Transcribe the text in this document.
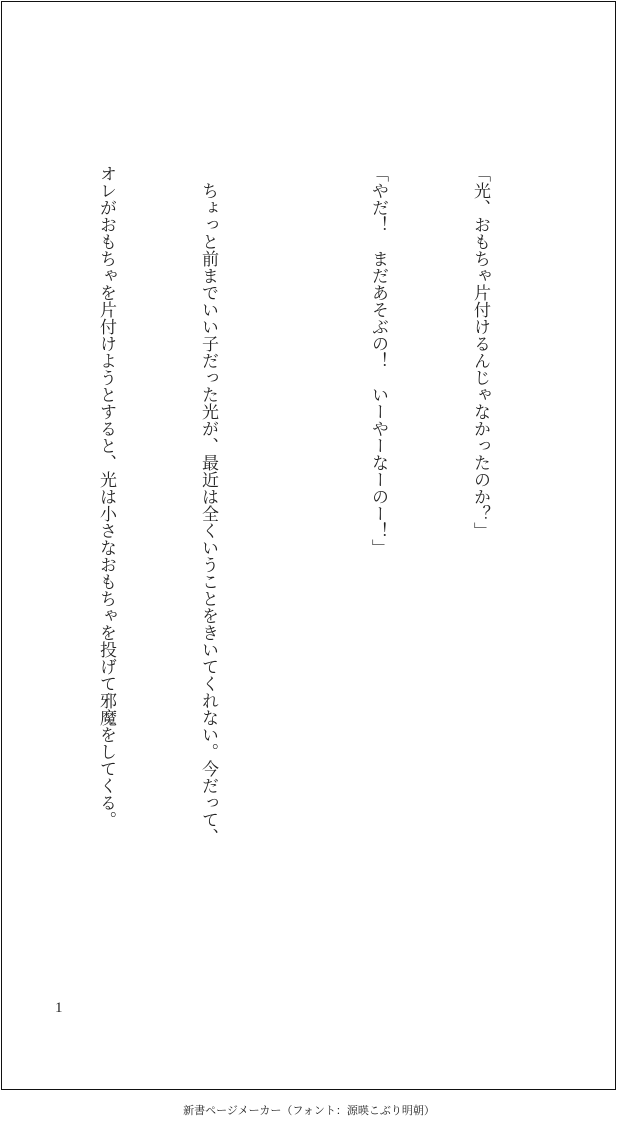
「光、おもちゃ片付けるんじゃなかったのか？」

「やだ！　まだあそぶの！　いーやーなーのー！」

　ちょっと前までいい子だった光が、最近は全くいうことをきいてくれない。今だって、

オレがおもちゃを片付けようとすると、光は小さなおもちゃを投げて邪魔をしてくる。

1
新書ページメーカー（フォント：源暎こぶり明朝）
